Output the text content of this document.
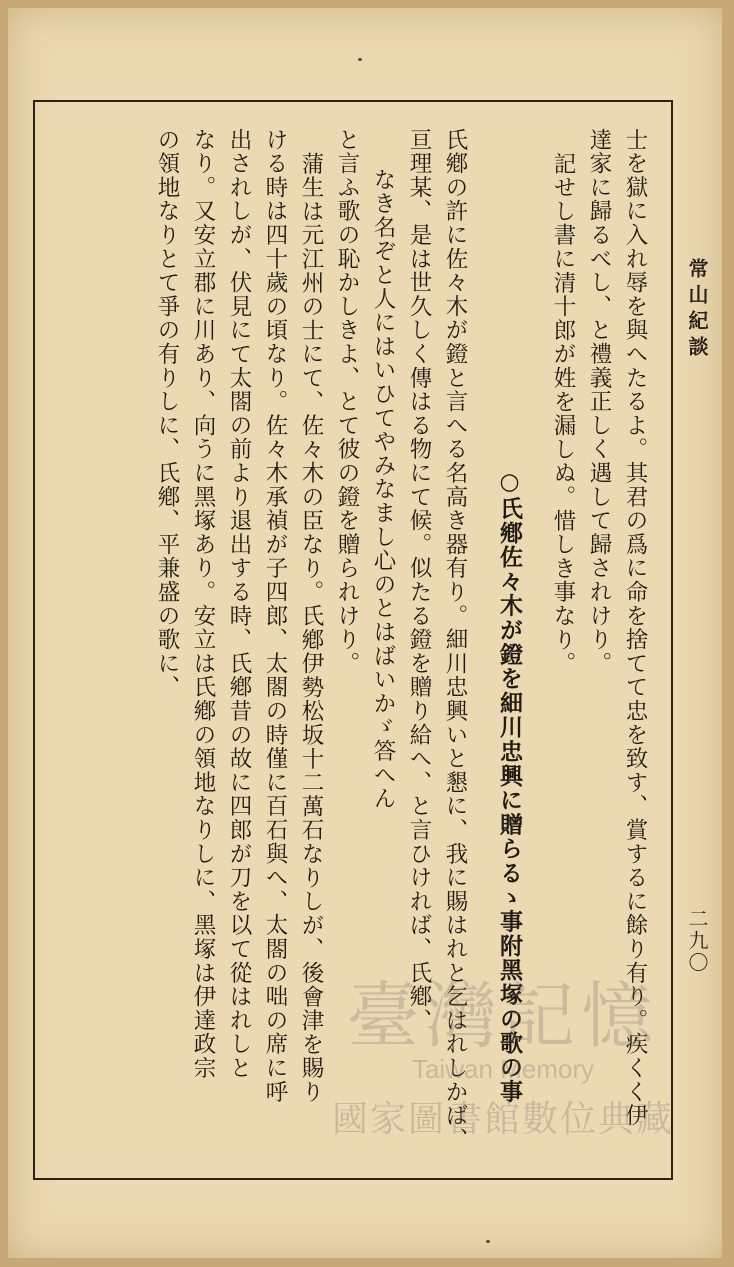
常山紀談
二九〇

士を獄に入れ辱を與へたるよ。其君の爲に命を捨てて忠を致す、賞するに餘り有り。疾くく伊

達家に歸るべし、と禮義正しく遇して歸されけり。

記せし書に清十郎が姓を漏しぬ。惜しき事なり。

○氏鄕佐々木が鐙を細川忠興に贈らるゝ事附黑塚の歌の事

氏鄕の許に佐々木が鐙と言へる名高き器有り。細川忠興いと懇に、我に賜はれと乞はれしかば、

亘理某、是は世久しく傳はる物にて候。似たる鐙を贈り給へ、と言ひければ、氏鄕、

なき名ぞと人にはいひてやみなまし心のとはばいかゞ答へん

と言ふ歌の恥かしきよ、とて彼の鐙を贈られけり。

蒲生は元江州の士にて、佐々木の臣なり。氏鄕伊勢松坂十二萬石なりしが、後會津を賜り

ける時は四十歲の頃なり。佐々木承禎が子四郎、太閤の時僅に百石與へ、太閤の咄の席に呼

出されしが、伏見にて太閤の前より退出する時、氏鄕昔の故に四郎が刀を以て從はれしと

なり。又安立郡に川あり、向うに黑塚あり。安立は氏鄕の領地なりしに、黑塚は伊達政宗

の領地なりとて爭の有りしに、氏鄕、平兼盛の歌に、

臺灣記憶
Taiwan Memory
國家圖書館數位典藏
